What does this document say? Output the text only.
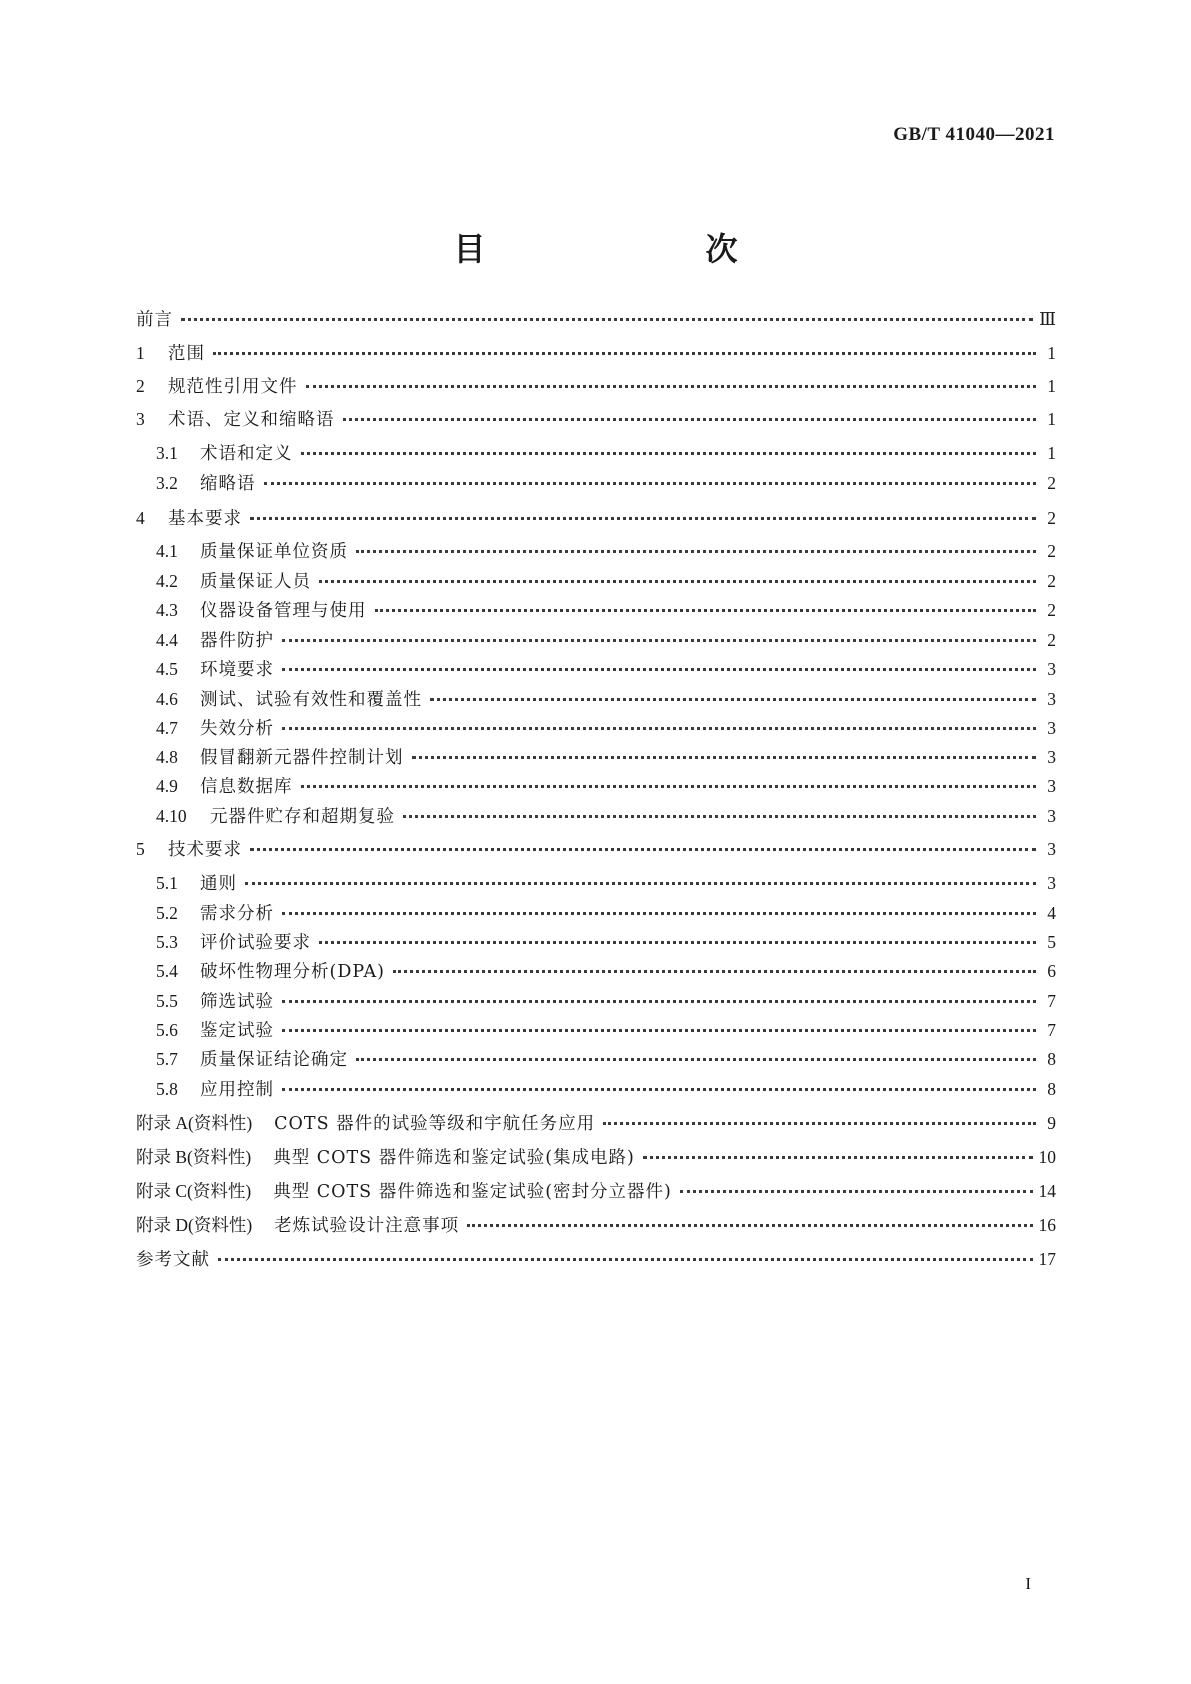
GB/T 41040—2021
目　　次
前言	Ⅲ
1	范围	1
2	规范性引用文件	1
3	术语、定义和缩略语	1
3.1	术语和定义	1
3.2	缩略语	2
4	基本要求	2
4.1	质量保证单位资质	2
4.2	质量保证人员	2
4.3	仪器设备管理与使用	2
4.4	器件防护	2
4.5	环境要求	3
4.6	测试、试验有效性和覆盖性	3
4.7	失效分析	3
4.8	假冒翻新元器件控制计划	3
4.9	信息数据库	3
4.10	元器件贮存和超期复验	3
5	技术要求	3
5.1	通则	3
5.2	需求分析	4
5.3	评价试验要求	5
5.4	破坏性物理分析(DPA)	6
5.5	筛选试验	7
5.6	鉴定试验	7
5.7	质量保证结论确定	8
5.8	应用控制	8
附录 A(资料性) COTS 器件的试验等级和宇航任务应用	9
附录 B(资料性) 典型 COTS 器件筛选和鉴定试验(集成电路)	10
附录 C(资料性) 典型 COTS 器件筛选和鉴定试验(密封分立器件)	14
附录 D(资料性) 老炼试验设计注意事项	16
参考文献	17
I
